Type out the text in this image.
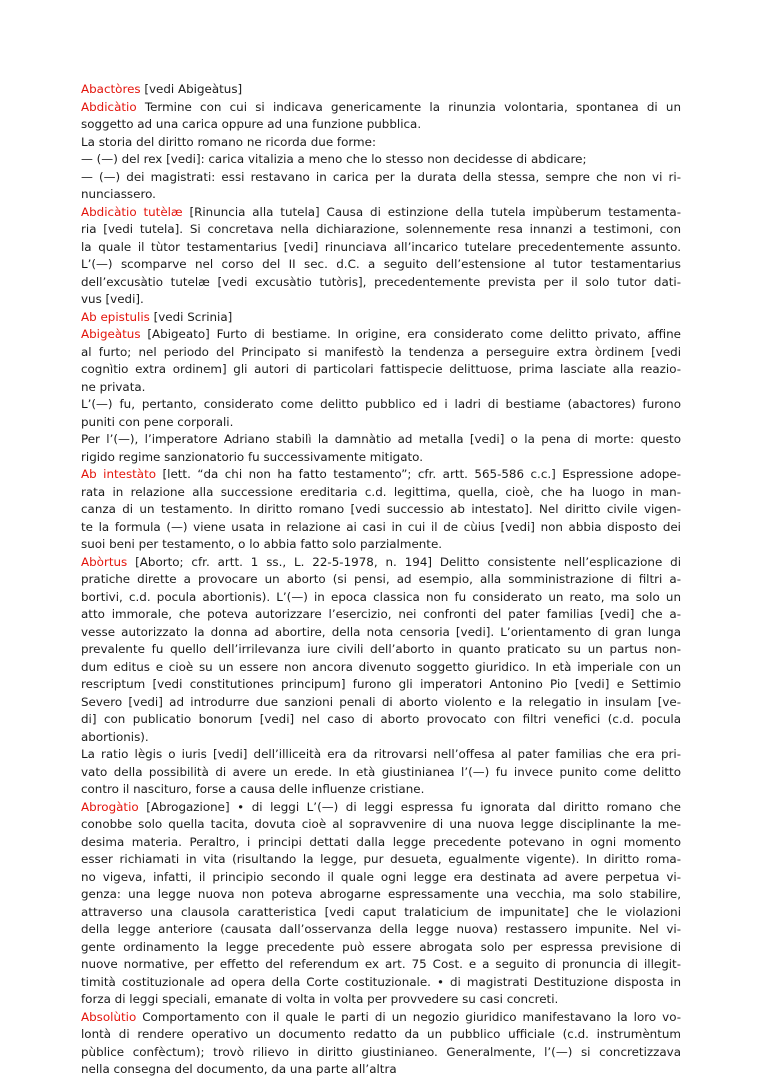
Abactòres [vedi Abigeàtus]
Abdicàtio Termine con cui si indicava genericamente la rinunzia volontaria, spontanea di un
soggetto ad una carica oppure ad una funzione pubblica.
La storia del diritto romano ne ricorda due forme:
— (—) del rex [vedi]: carica vitalizia a meno che lo stesso non decidesse di abdicare;
— (—) dei magistrati: essi restavano in carica per la durata della stessa, sempre che non vi ri-
nunciassero.
Abdicàtio tutèlæ [Rinuncia alla tutela] Causa di estinzione della tutela impùberum testamenta-
ria [vedi tutela]. Si concretava nella dichiarazione, solennemente resa innanzi a testimoni, con
la quale il tùtor testamentarius [vedi] rinunciava all’incarico tutelare precedentemente assunto.
L’(—) scomparve nel corso del II sec. d.C. a seguito dell’estensione al tutor testamentarius
dell’excusàtio tutelæ [vedi excusàtio tutòris], precedentemente prevista per il solo tutor dati-
vus [vedi].
Ab epistulis [vedi Scrinia]
Abigeàtus [Abigeato] Furto di bestiame. In origine, era considerato come delitto privato, affine
al furto; nel periodo del Principato si manifestò la tendenza a perseguire extra òrdinem [vedi
cognìtio extra ordinem] gli autori di particolari fattispecie delittuose, prima lasciate alla reazio-
ne privata.
L’(—) fu, pertanto, considerato come delitto pubblico ed i ladri di bestiame (abactores) furono
puniti con pene corporali.
Per l’(—), l’imperatore Adriano stabilì la damnàtio ad metalla [vedi] o la pena di morte: questo
rigido regime sanzionatorio fu successivamente mitigato.
Ab intestàto [lett. “da chi non ha fatto testamento”; cfr. artt. 565-586 c.c.] Espressione adope-
rata in relazione alla successione ereditaria c.d. legittima, quella, cioè, che ha luogo in man-
canza di un testamento. In diritto romano [vedi successio ab intestato]. Nel diritto civile vigen-
te la formula (—) viene usata in relazione ai casi in cui il de cùius [vedi] non abbia disposto dei
suoi beni per testamento, o lo abbia fatto solo parzialmente.
Abòrtus [Aborto; cfr. artt. 1 ss., L. 22-5-1978, n. 194] Delitto consistente nell’esplicazione di
pratiche dirette a provocare un aborto (si pensi, ad esempio, alla somministrazione di filtri a-
bortivi, c.d. pocula abortionis). L’(—) in epoca classica non fu considerato un reato, ma solo un
atto immorale, che poteva autorizzare l’esercizio, nei confronti del pater familias [vedi] che a-
vesse autorizzato la donna ad abortire, della nota censoria [vedi]. L’orientamento di gran lunga
prevalente fu quello dell’irrilevanza iure civili dell’aborto in quanto praticato su un partus non-
dum editus e cioè su un essere non ancora divenuto soggetto giuridico. In età imperiale con un
rescriptum [vedi constitutiones principum] furono gli imperatori Antonino Pio [vedi] e Settimio
Severo [vedi] ad introdurre due sanzioni penali di aborto violento e la relegatio in insulam [ve-
di] con publicatio bonorum [vedi] nel caso di aborto provocato con filtri venefici (c.d. pocula
abortionis).
La ratio lègis o iuris [vedi] dell’illiceità era da ritrovarsi nell’offesa al pater familias che era pri-
vato della possibilità di avere un erede. In età giustinianea l’(—) fu invece punito come delitto
contro il nascituro, forse a causa delle influenze cristiane.
Abrogàtio [Abrogazione] • di leggi L’(—) di leggi espressa fu ignorata dal diritto romano che
conobbe solo quella tacita, dovuta cioè al sopravvenire di una nuova legge disciplinante la me-
desima materia. Peraltro, i principi dettati dalla legge precedente potevano in ogni momento
esser richiamati in vita (risultando la legge, pur desueta, egualmente vigente). In diritto roma-
no vigeva, infatti, il principio secondo il quale ogni legge era destinata ad avere perpetua vi-
genza: una legge nuova non poteva abrogarne espressamente una vecchia, ma solo stabilire,
attraverso una clausola caratteristica [vedi caput tralaticium de impunitate] che le violazioni
della legge anteriore (causata dall’osservanza della legge nuova) restassero impunite. Nel vi-
gente ordinamento la legge precedente può essere abrogata solo per espressa previsione di
nuove normative, per effetto del referendum ex art. 75 Cost. e a seguito di pronuncia di illegit-
timità costituzionale ad opera della Corte costituzionale. • di magistrati Destituzione disposta in
forza di leggi speciali, emanate di volta in volta per provvedere su casi concreti.
Absolùtio Comportamento con il quale le parti di un negozio giuridico manifestavano la loro vo-
lontà di rendere operativo un documento redatto da un pubblico ufficiale (c.d. instrumèntum
pùblice confèctum); trovò rilievo in diritto giustinianeo. Generalmente, l’(—) si concretizzava
nella consegna del documento, da una parte all’altra
